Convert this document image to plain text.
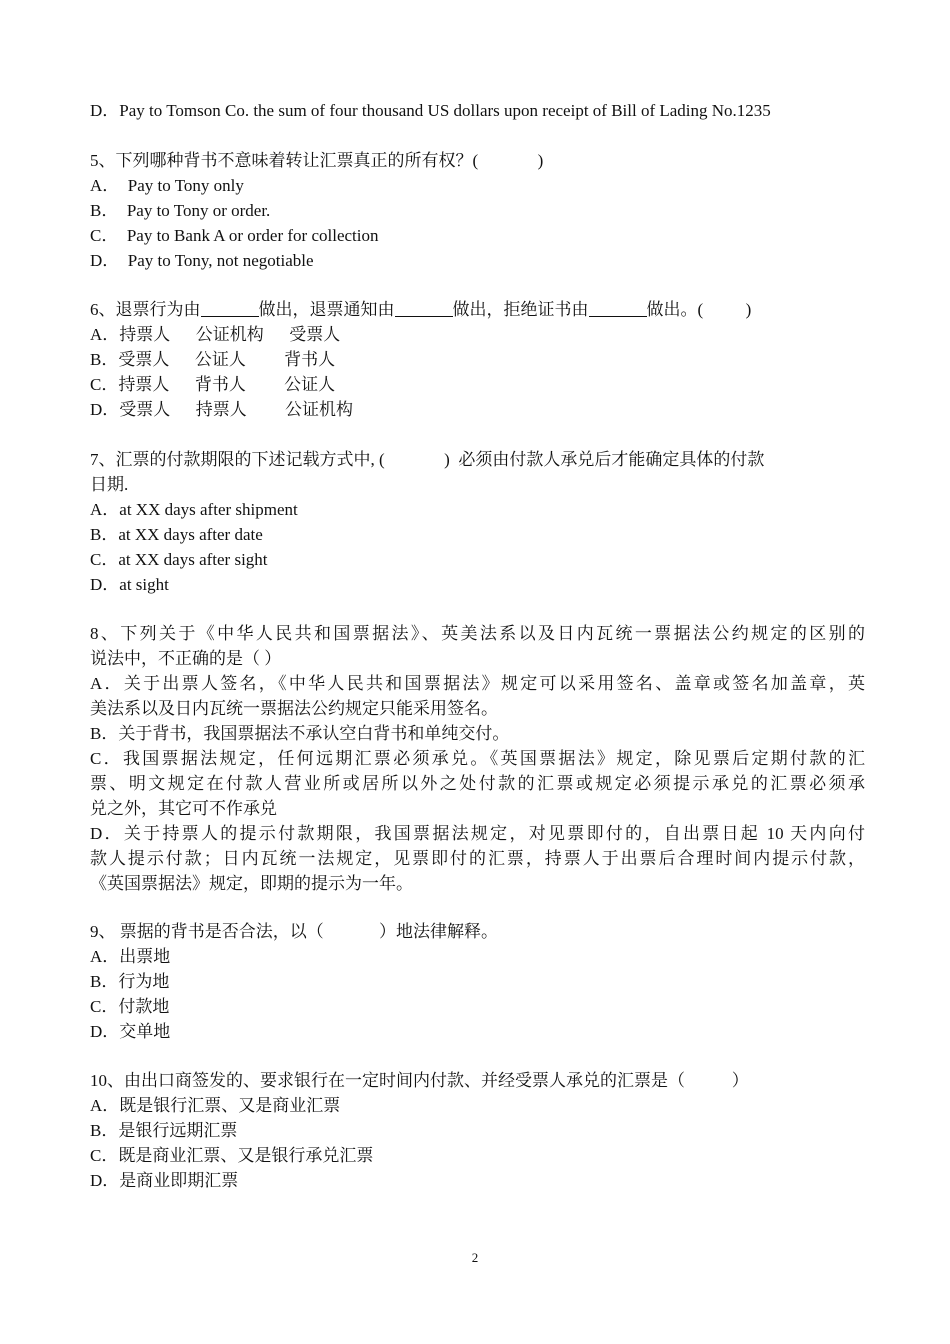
D．Pay to Tomson Co. the sum of four thousand US dollars upon receipt of Bill of Lading No.1235
5、下列哪种背书不意味着转让汇票真正的所有权？(              )
A．  Pay to Tony only
B．  Pay to Tony or order.
C．  Pay to Bank A or order for collection
D．  Pay to Tony, not negotiable
6、退票行为由	做出，退票通知由	做出，拒绝证书由	做出。(          )
A．持票人      公证机构      受票人
B．受票人      公证人         背书人
C．持票人      背书人         公证人
D．受票人      持票人         公证机构
7、汇票的付款期限的下述记载方式中, (              )  必须由付款人承兑后才能确定具体的付款
日期.
A．at XX days after shipment
B．at XX days after date
C．at XX days after sight
D．at sight
8、下列关于《中华人民共和国票据法》、英美法系以及日内瓦统一票据法公约规定的区别的
说法中，不正确的是（ ）
A．关于出票人签名，《中华人民共和国票据法》规定可以采用签名、盖章或签名加盖章，英
美法系以及日内瓦统一票据法公约规定只能采用签名。
B．关于背书，我国票据法不承认空白背书和单纯交付。
C．我国票据法规定，任何远期汇票必须承兑。《英国票据法》规定，除见票后定期付款的汇
票、明文规定在付款人营业所或居所以外之处付款的汇票或规定必须提示承兑的汇票必须承
兑之外，其它可不作承兑
D．关于持票人的提示付款期限，我国票据法规定，对见票即付的，自出票日起 10 天内向付
款人提示付款；日内瓦统一法规定，见票即付的汇票，持票人于出票后合理时间内提示付款，
《英国票据法》规定，即期的提示为一年。
9、 票据的背书是否合法，以（             ）地法律解释。
A．出票地
B．行为地
C．付款地
D．交单地
10、由出口商签发的、要求银行在一定时间内付款、并经受票人承兑的汇票是（           ）
A．既是银行汇票、又是商业汇票
B．是银行远期汇票
C．既是商业汇票、又是银行承兑汇票
D．是商业即期汇票
2
